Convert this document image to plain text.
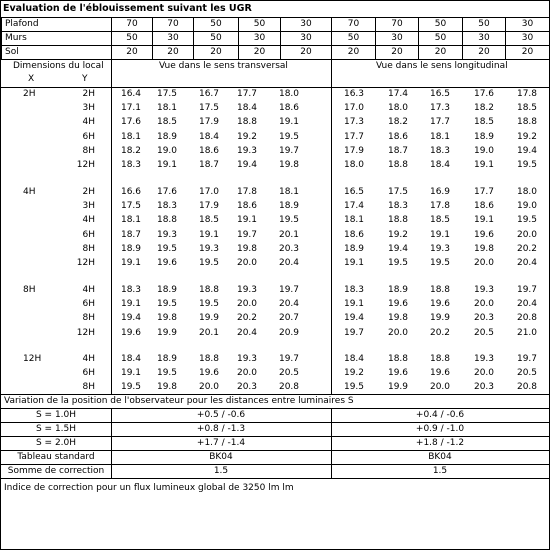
Evaluation de l'éblouissement suivant les UGR
Plafond	70	70	50	50	30	70	70	50	50	30
Murs	50	30	50	30	30	50	30	50	30	30
Sol	20	20	20	20	20	20	20	20	20	20
Dimensions du local
X	Y
Vue dans le sens transversal	Vue dans le sens longitudinal
2H	2H	16.4	17.5	16.7	17.7	18.0	16.3	17.4	16.5	17.6	17.8
3H	17.1	18.1	17.5	18.4	18.6	17.0	18.0	17.3	18.2	18.5
4H	17.6	18.5	17.9	18.8	19.1	17.3	18.2	17.7	18.5	18.8
6H	18.1	18.9	18.4	19.2	19.5	17.7	18.6	18.1	18.9	19.2
8H	18.2	19.0	18.6	19.3	19.7	17.9	18.7	18.3	19.0	19.4
12H	18.3	19.1	18.7	19.4	19.8	18.0	18.8	18.4	19.1	19.5
4H	2H	16.6	17.6	17.0	17.8	18.1	16.5	17.5	16.9	17.7	18.0
3H	17.5	18.3	17.9	18.6	18.9	17.4	18.3	17.8	18.6	19.0
4H	18.1	18.8	18.5	19.1	19.5	18.1	18.8	18.5	19.1	19.5
6H	18.7	19.3	19.1	19.7	20.1	18.6	19.2	19.1	19.6	20.0
8H	18.9	19.5	19.3	19.8	20.3	18.9	19.4	19.3	19.8	20.2
12H	19.1	19.6	19.5	20.0	20.4	19.1	19.5	19.5	20.0	20.4
8H	4H	18.3	18.9	18.8	19.3	19.7	18.3	18.9	18.8	19.3	19.7
6H	19.1	19.5	19.5	20.0	20.4	19.1	19.6	19.6	20.0	20.4
8H	19.4	19.8	19.9	20.2	20.7	19.4	19.8	19.9	20.3	20.8
12H	19.6	19.9	20.1	20.4	20.9	19.7	20.0	20.2	20.5	21.0
12H	4H	18.4	18.9	18.8	19.3	19.7	18.4	18.8	18.8	19.3	19.7
6H	19.1	19.5	19.6	20.0	20.5	19.2	19.6	19.6	20.0	20.5
8H	19.5	19.8	20.0	20.3	20.8	19.5	19.9	20.0	20.3	20.8
Variation de la position de l'observateur pour les distances entre luminaires S
S = 1.0H	+0.5 / -0.6	+0.4 / -0.6
S = 1.5H	+0.8 / -1.3	+0.9 / -1.0
S = 2.0H	+1.7 / -1.4	+1.8 / -1.2
Tableau standard	BK04	BK04
Somme de correction	1.5	1.5
Indice de correction pour un flux lumineux global de 3250 lm lm
